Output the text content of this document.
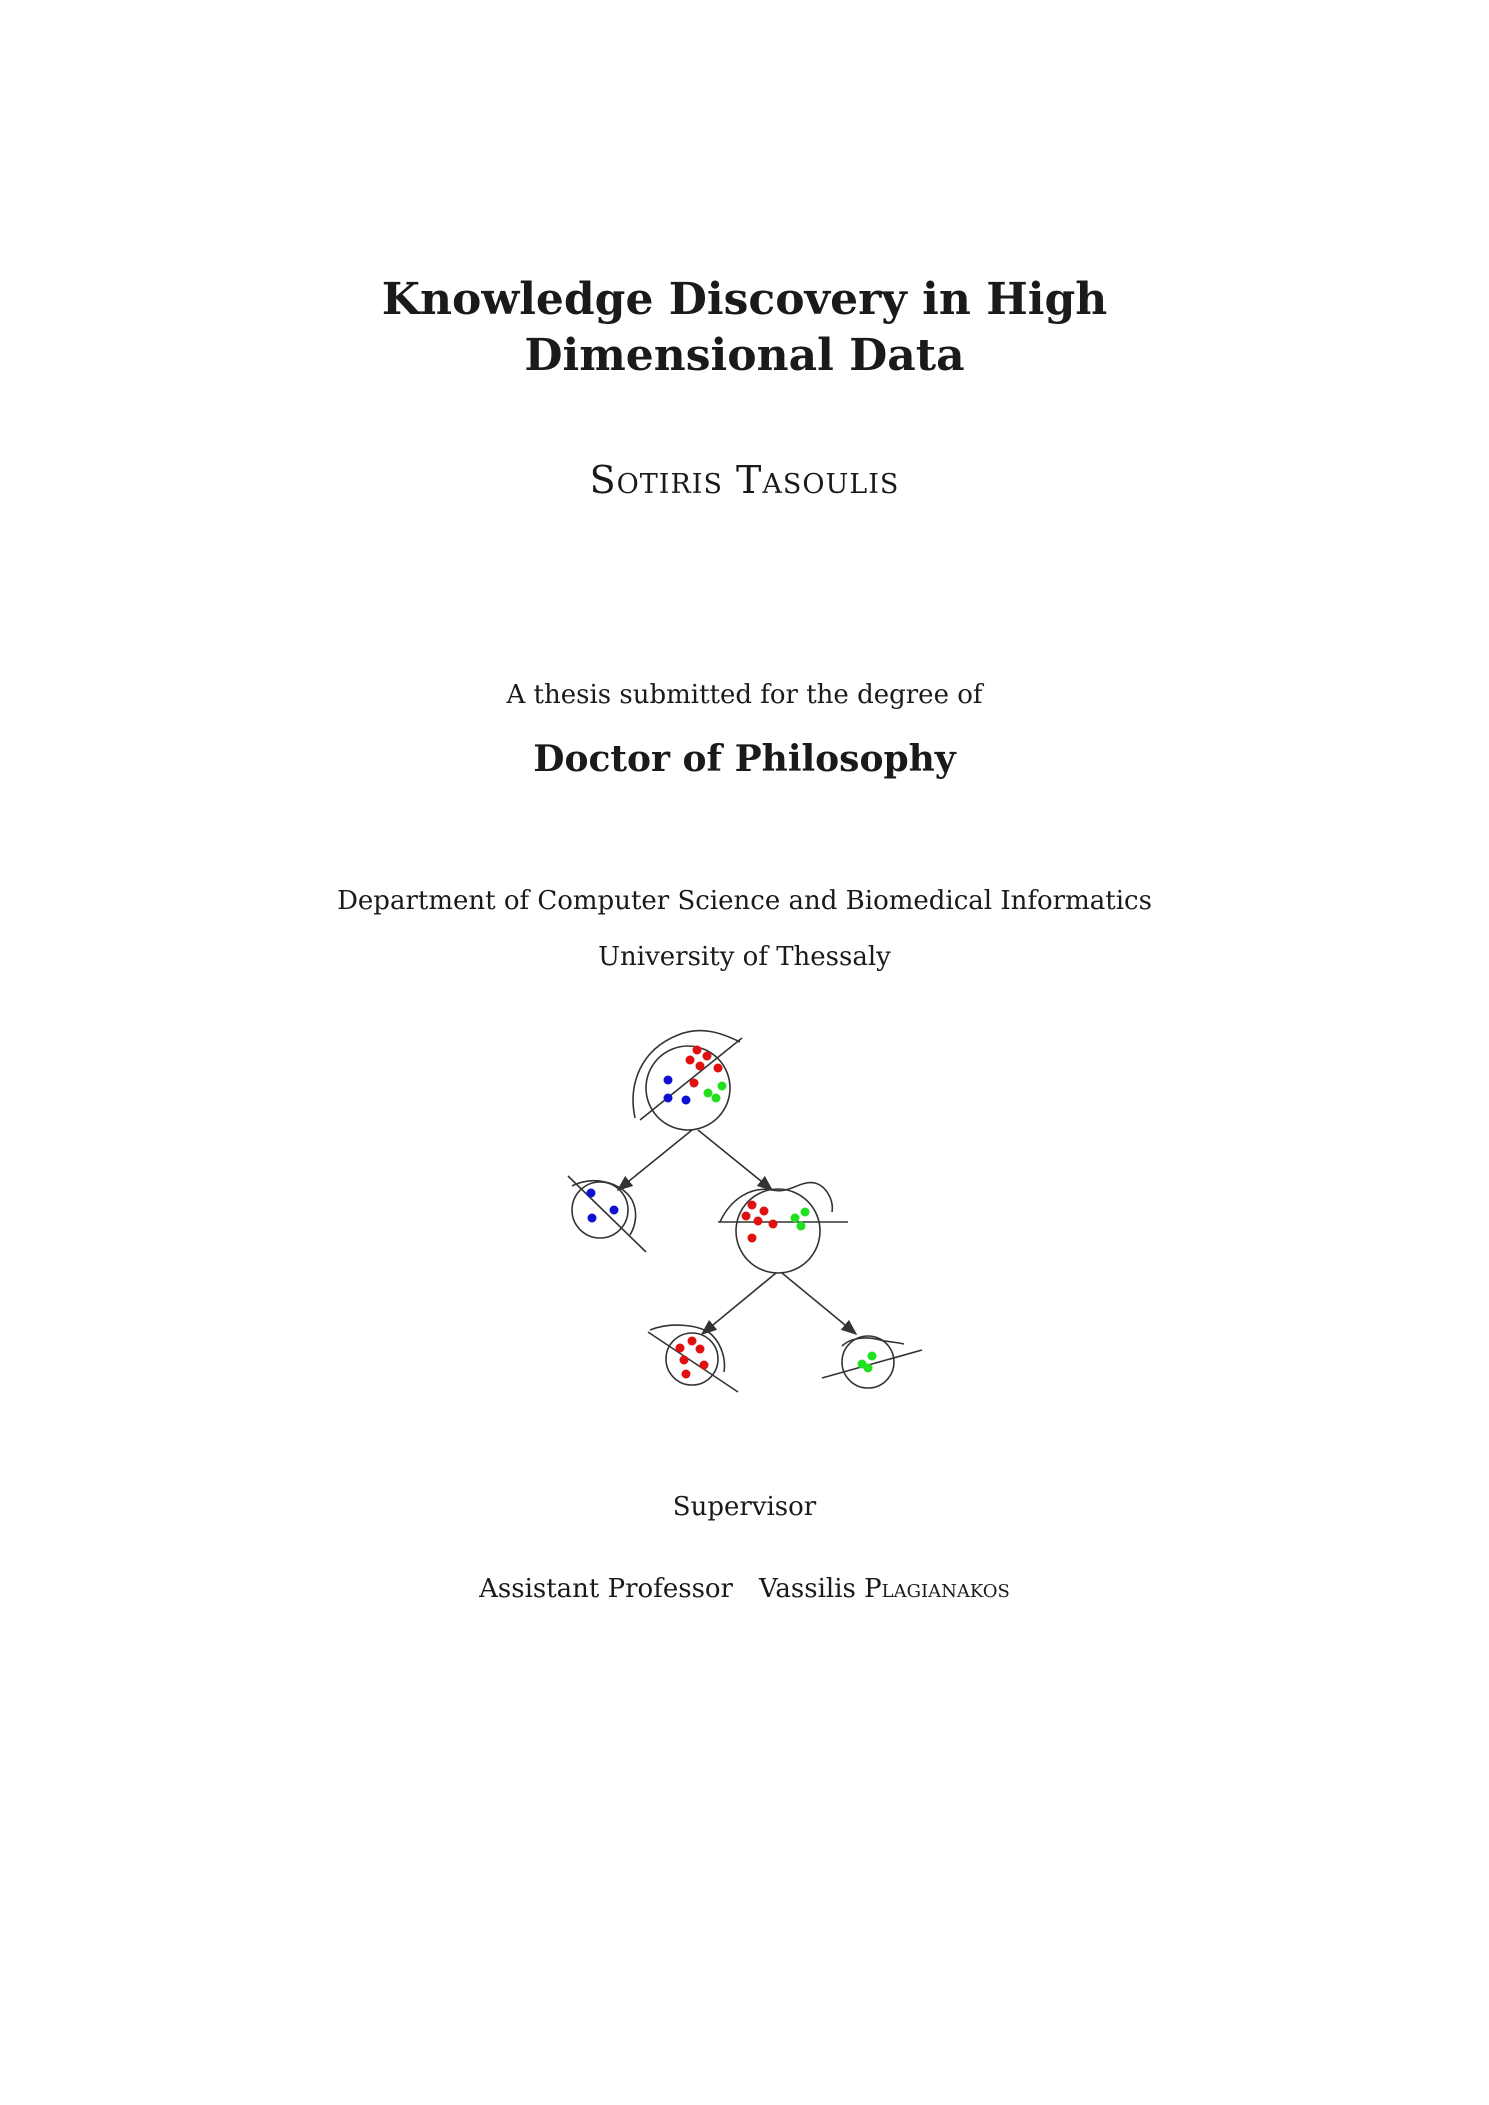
Knowledge Discovery in High
Dimensional Data
Sotiris Tasoulis
A thesis submitted for the degree of
Doctor of Philosophy
Department of Computer Science and Biomedical Informatics
University of Thessaly
Supervisor
Assistant Professor Vassilis Plagianakos
